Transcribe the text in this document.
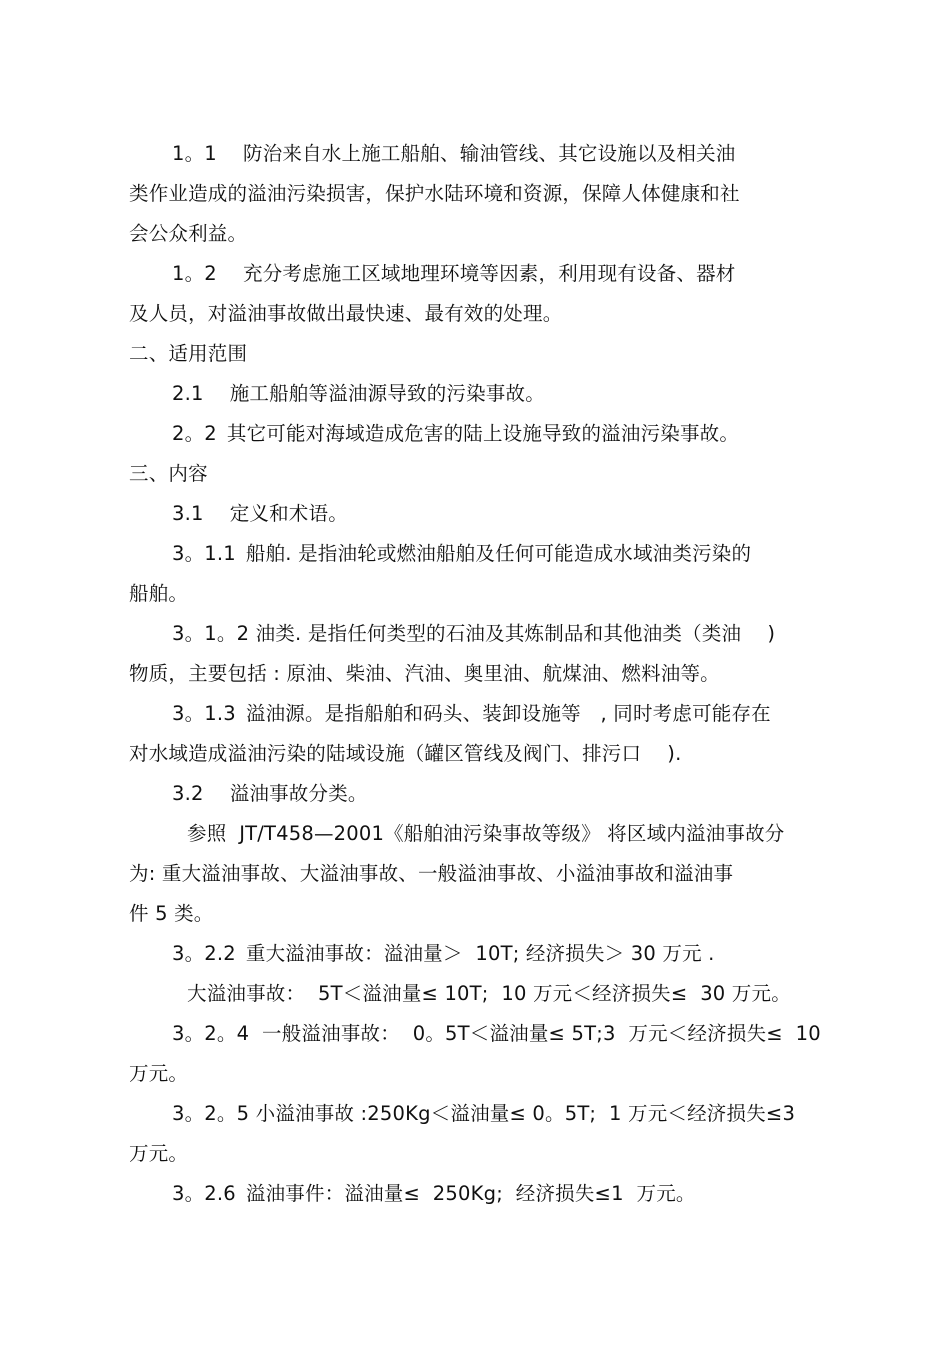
1。1　 防治来自水上施工船舶、输油管线、其它设施以及相关油
类作业造成的溢油污染损害，保护水陆环境和资源，保障人体健康和社
会公众利益。
1。2　 充分考虑施工区域地理环境等因素，利用现有设备、器材
及人员，对溢油事故做出最快速、最有效的处理。
二、适用范围
2.1　 施工船舶等溢油源导致的污染事故。
2。2 其它可能对海域造成危害的陆上设施导致的溢油污染事故。
三、内容
3.1　 定义和术语。
3。1.1 船舶. 是指油轮或燃油船舶及任何可能造成水域油类污染的
船舶。
3。1。2 油类. 是指任何类型的石油及其炼制品和其他油类（类油　 )
物质，主要包括 : 原油、柴油、汽油、奥里油、航煤油、燃料油等。
3。1.3 溢油源。是指船舶和码头、装卸设施等　, 同时考虑可能存在
对水域造成溢油污染的陆域设施（罐区管线及阀门、排污口　 ).
3.2　 溢油事故分类。
参照  JT/T458—2001《船舶油污染事故等级》 将区域内溢油事故分
为: 重大溢油事故、大溢油事故、一般溢油事故、小溢油事故和溢油事
件 5 类。
3。2.2 重大溢油事故：溢油量＞  10T; 经济损失＞ 30 万元 .
大溢油事故：  5T＜溢油量≤ 10T;  10 万元＜经济损失≤  30 万元。
3。2。4  一般溢油事故：  0。5T＜溢油量≤ 5T;3  万元＜经济损失≤  10
万元。
3。2。5 小溢油事故 :250Kg＜溢油量≤ 0。5T;  1 万元＜经济损失≤3
万元。
3。2.6 溢油事件：溢油量≤  250Kg;  经济损失≤1  万元。
